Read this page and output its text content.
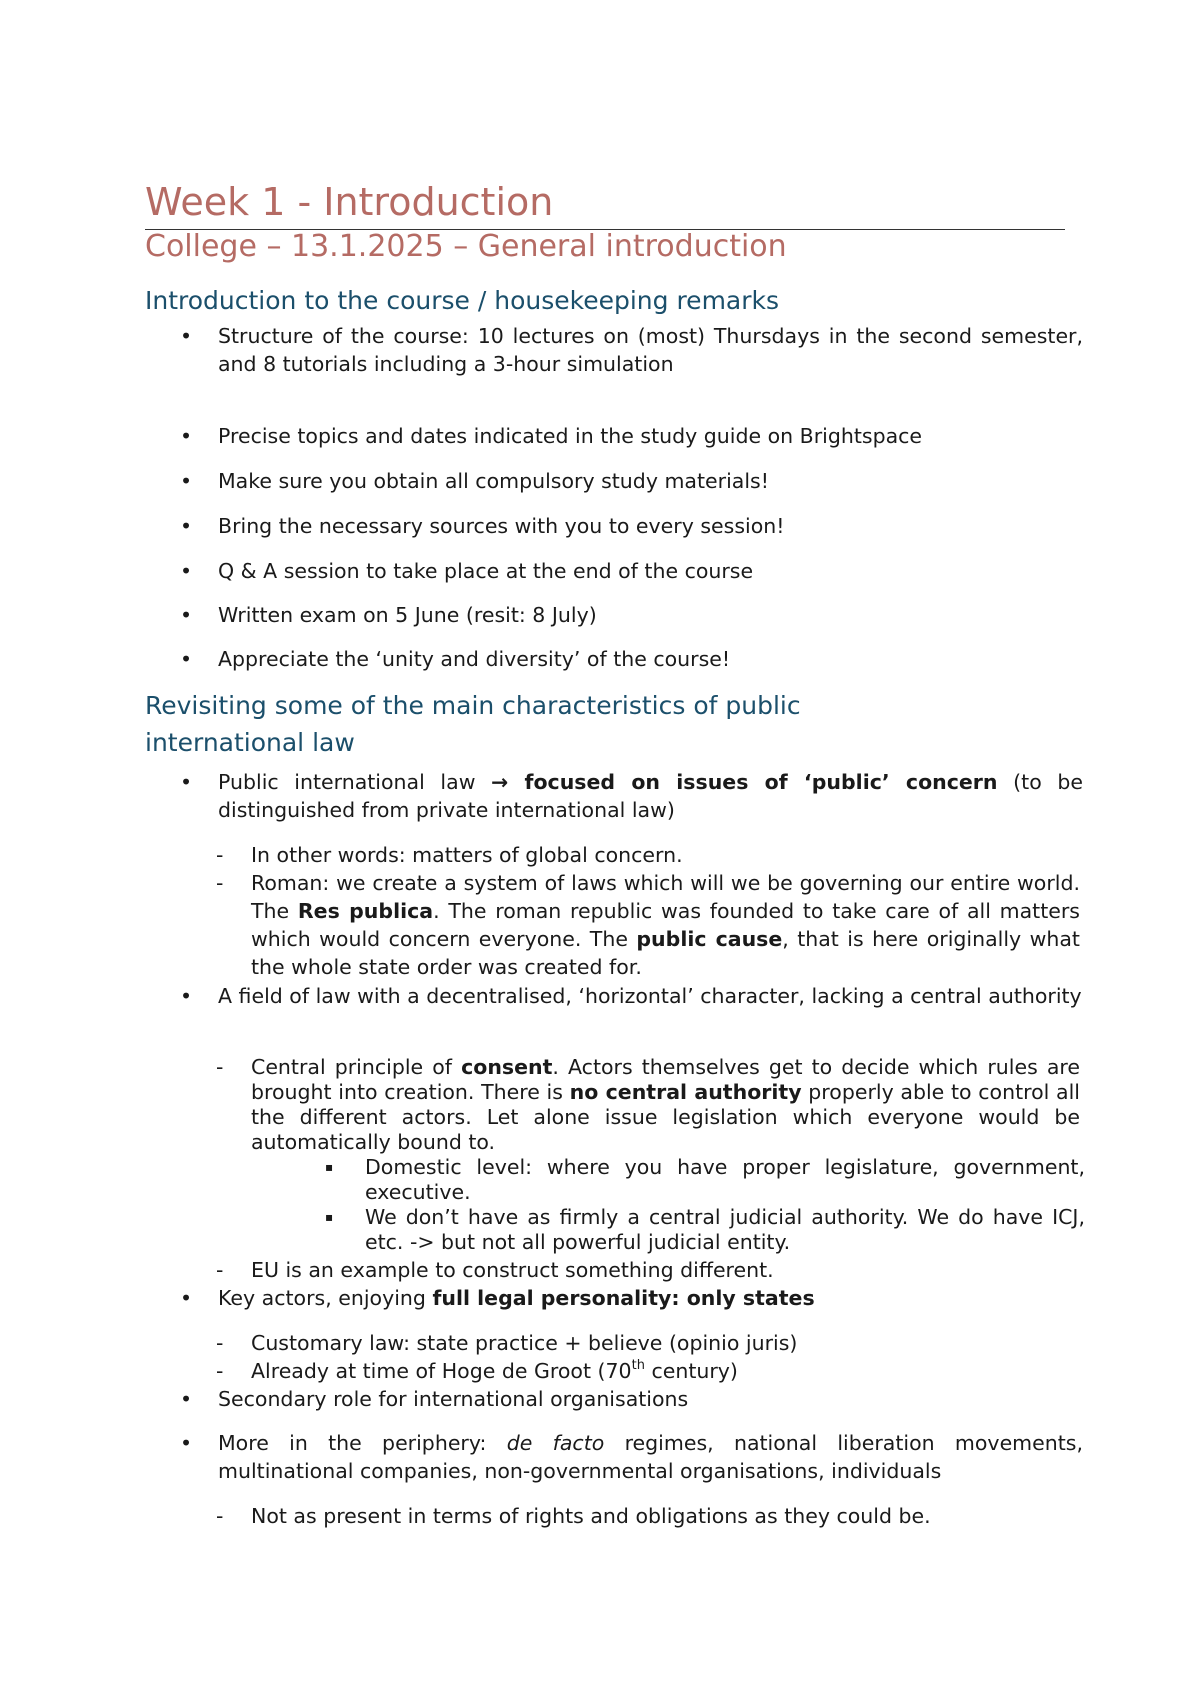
Week 1 - Introduction
College – 13.1.2025 – General introduction
Introduction to the course / housekeeping remarks
• Structure of the course: 10 lectures on (most) Thursdays in the second semester, and 8 tutorials including a 3-hour simulation
• Precise topics and dates indicated in the study guide on Brightspace
• Make sure you obtain all compulsory study materials!
• Bring the necessary sources with you to every session!
• Q & A session to take place at the end of the course
• Written exam on 5 June (resit: 8 July)
• Appreciate the ‘unity and diversity’ of the course!
Revisiting some of the main characteristics of public international law
• Public international law → focused on issues of ‘public’ concern (to be distinguished from private international law)
- In other words: matters of global concern.
- Roman: we create a system of laws which will we be governing our entire world. The Res publica. The roman republic was founded to take care of all matters which would concern everyone. The public cause, that is here originally what the whole state order was created for.
• A field of law with a decentralised, ‘horizontal’ character, lacking a central authority
- Central principle of consent. Actors themselves get to decide which rules are brought into creation. There is no central authority properly able to control all the different actors. Let alone issue legislation which everyone would be automatically bound to.
▪ Domestic level: where you have proper legislature, government, executive.
▪ We don’t have as firmly a central judicial authority. We do have ICJ, etc. -> but not all powerful judicial entity.
- EU is an example to construct something different.
• Key actors, enjoying full legal personality: only states
- Customary law: state practice + believe (opinio juris)
- Already at time of Hoge de Groot (70th century)
• Secondary role for international organisations
• More in the periphery: de facto regimes, national liberation movements, multinational companies, non-governmental organisations, individuals
- Not as present in terms of rights and obligations as they could be.
